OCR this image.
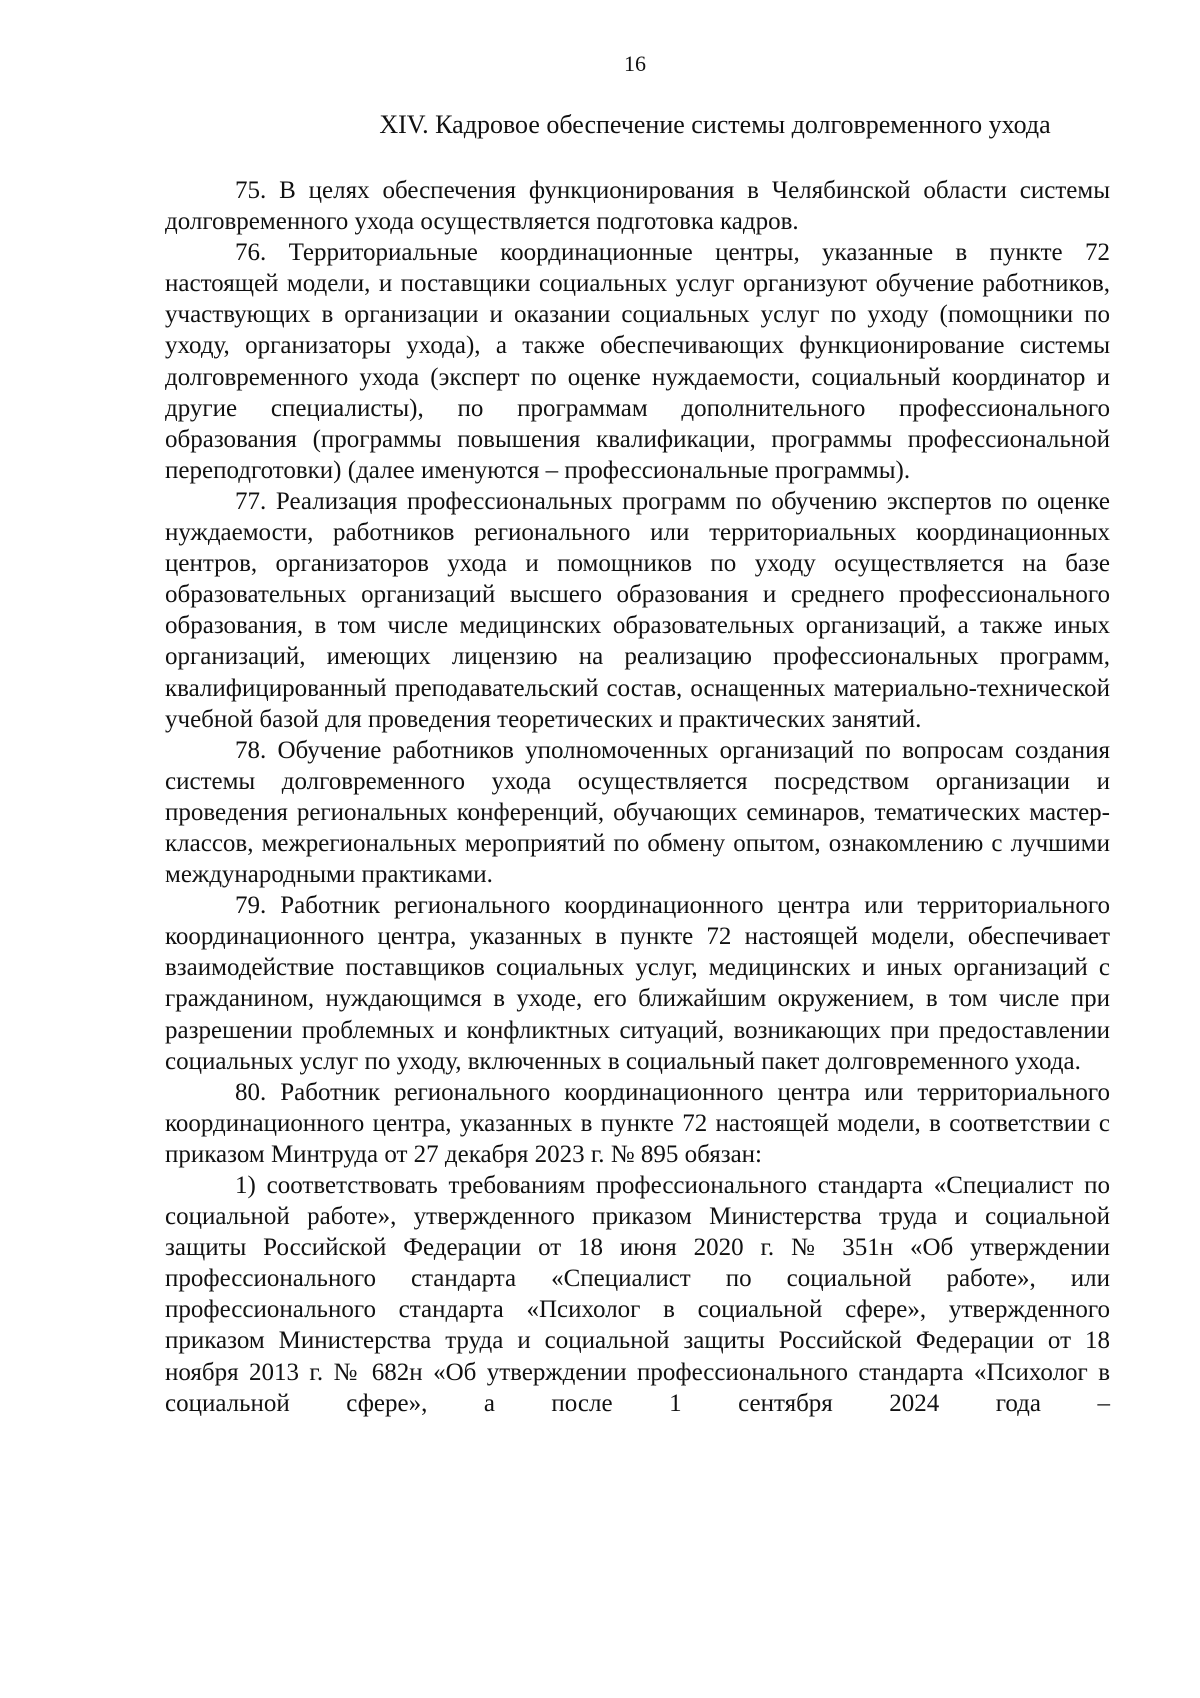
16
XIV. Кадровое обеспечение системы долговременного ухода

75. В целях обеспечения функционирования в Челябинской области системы долговременного ухода осуществляется подготовка кадров.

76. Территориальные координационные центры, указанные в пункте 72 настоящей модели, и поставщики социальных услуг организуют обучение работников, участвующих в организации и оказании социальных услуг по уходу (помощники по уходу, организаторы ухода), а также обеспечивающих функционирование системы долговременного ухода (эксперт по оценке нуждаемости, социальный координатор и другие специалисты), по программам дополнительного профессионального образования (программы повышения квалификации, программы профессиональной переподготовки) (далее именуются – профессиональные программы).

77. Реализация профессиональных программ по обучению экспертов по оценке нуждаемости, работников регионального или территориальных координационных центров, организаторов ухода и помощников по уходу осуществляется на базе образовательных организаций высшего образования и среднего профессионального образования, в том числе медицинских образовательных организаций, а также иных организаций, имеющих лицензию на реализацию профессиональных программ, квалифицированный преподавательский состав, оснащенных материально-технической учебной базой для проведения теоретических и практических занятий.

78. Обучение работников уполномоченных организаций по вопросам создания системы долговременного ухода осуществляется посредством организации и проведения региональных конференций, обучающих семинаров, тематических мастер-классов, межрегиональных мероприятий по обмену опытом, ознакомлению с лучшими международными практиками.

79. Работник регионального координационного центра или территориального координационного центра, указанных в пункте 72 настоящей модели, обеспечивает взаимодействие поставщиков социальных услуг, медицинских и иных организаций с гражданином, нуждающимся в уходе, его ближайшим окружением, в том числе при разрешении проблемных и конфликтных ситуаций, возникающих при предоставлении социальных услуг по уходу, включенных в социальный пакет долговременного ухода.

80. Работник регионального координационного центра или территориального координационного центра, указанных в пункте 72 настоящей модели, в соответствии с приказом Минтруда от 27 декабря 2023 г. № 895 обязан:

1) соответствовать требованиям профессионального стандарта «Специалист по социальной работе», утвержденного приказом Министерства труда и социальной защиты Российской Федерации от 18 июня 2020 г. № 351н «Об утверждении профессионального стандарта «Специалист по социальной работе», или профессионального стандарта «Психолог в социальной сфере», утвержденного приказом Министерства труда и социальной защиты Российской Федерации от 18 ноября 2013 г. № 682н «Об утверждении профессионального стандарта «Психолог в социальной сфере», а после 1 сентября 2024 года –
